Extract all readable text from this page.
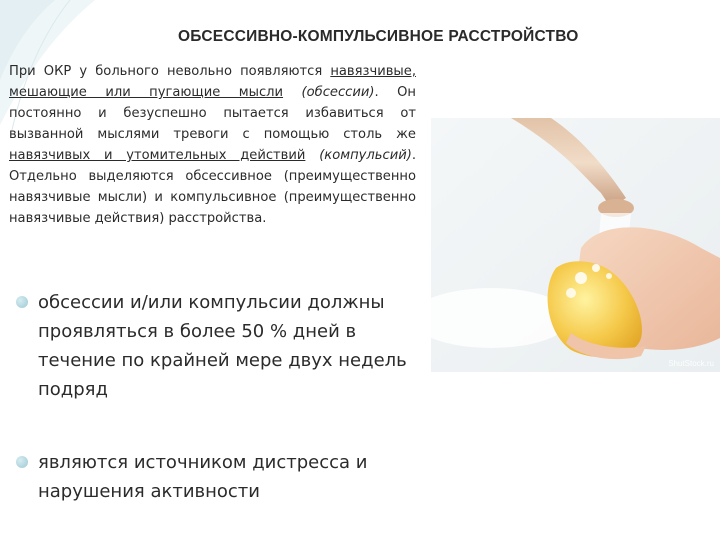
ОБСЕССИВНО-КОМПУЛЬСИВНОЕ РАССТРОЙСТВО
При ОКР у больного невольно появляются навязчивые, мешающие или пугающие мысли (обсессии). Он постоянно и безуспешно пытается избавиться от вызванной мыслями тревоги с помощью столь же навязчивых и утомительных действий (компульсий). Отдельно выделяются обсессивное (преимущественно навязчивые мысли) и компульсивное (преимущественно навязчивые действия) расстройства.
обсессии и/или компульсии должны проявляться в более 50 % дней в течение по крайней мере двух недель подряд
являются источником дистресса и нарушения активности
ShutStock.ru
